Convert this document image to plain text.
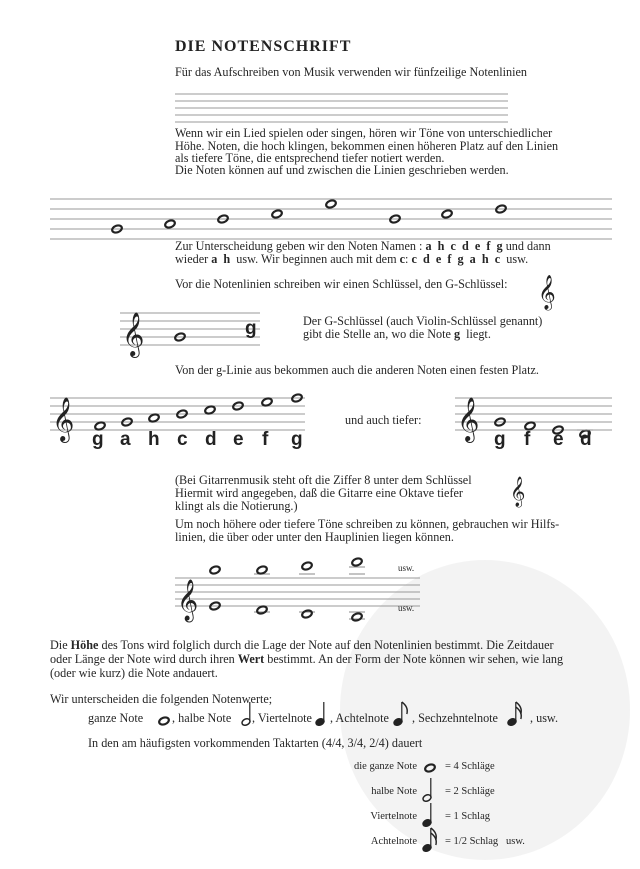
𝄞
𝄞
𝄞	𝄞
𝄞
𝄞
DIE NOTENSCHRIFT
Für das Aufschreiben von Musik verwenden wir fünfzeilige Notenlinien
Wenn wir ein Lied spielen oder singen, hören wir Töne von unterschiedlicher
Höhe. Noten, die hoch klingen, bekommen einen höheren Platz auf den Linien
als tiefere Töne, die entsprechend tiefer notiert werden.
Die Noten können auf und zwischen die Linien geschrieben werden.
Zur Unterscheidung geben wir den Noten Namen : a  h  c  d  e  f  g und dann
wieder a  h  usw. Wir beginnen auch mit dem c: c  d  e  f  g  a  h  c  usw.
Vor die Notenlinien schreiben wir einen Schlüssel, den G-Schlüssel:
g	Der G-Schlüssel (auch Violin-Schlüssel genannt)
gibt die Stelle an, wo die Note g  liegt.
Von der g-Linie aus bekommen auch die anderen Noten einen festen Platz.
g a h c d e f g
und auch tiefer:
g f e d
(Bei Gitarrenmusik steht oft die Ziffer 8 unter dem Schlüssel
Hiermit wird angegeben, daß die Gitarre eine Oktave tiefer
klingt als die Notierung.)
Um noch höhere oder tiefere Töne schreiben zu können, gebrauchen wir Hilfs-
linien, die über oder unter den Hauplinien liegen können.
usw.
usw.
Die Höhe des Tons wird folglich durch die Lage der Note auf den Notenlinien bestimmt. Die Zeitdauer
oder Länge der Note wird durch ihren Wert bestimmt. An der Form der Note können wir sehen, wie lang
(oder wie kurz) die Note andauert.
Wir unterscheiden die folgenden Notenwerte;
ganze Note , halbe Note , Viertelnote , Achtelnote , Sechzehntelnote	, usw.
In den am häufigsten vorkommenden Taktarten (4/4, 3/4, 2/4) dauert
die ganze Note	= 4 Schläge
halbe Note	= 2 Schläge
Viertelnote	= 1 Schlag
Achtelnote	= 1/2 Schlag   usw.
